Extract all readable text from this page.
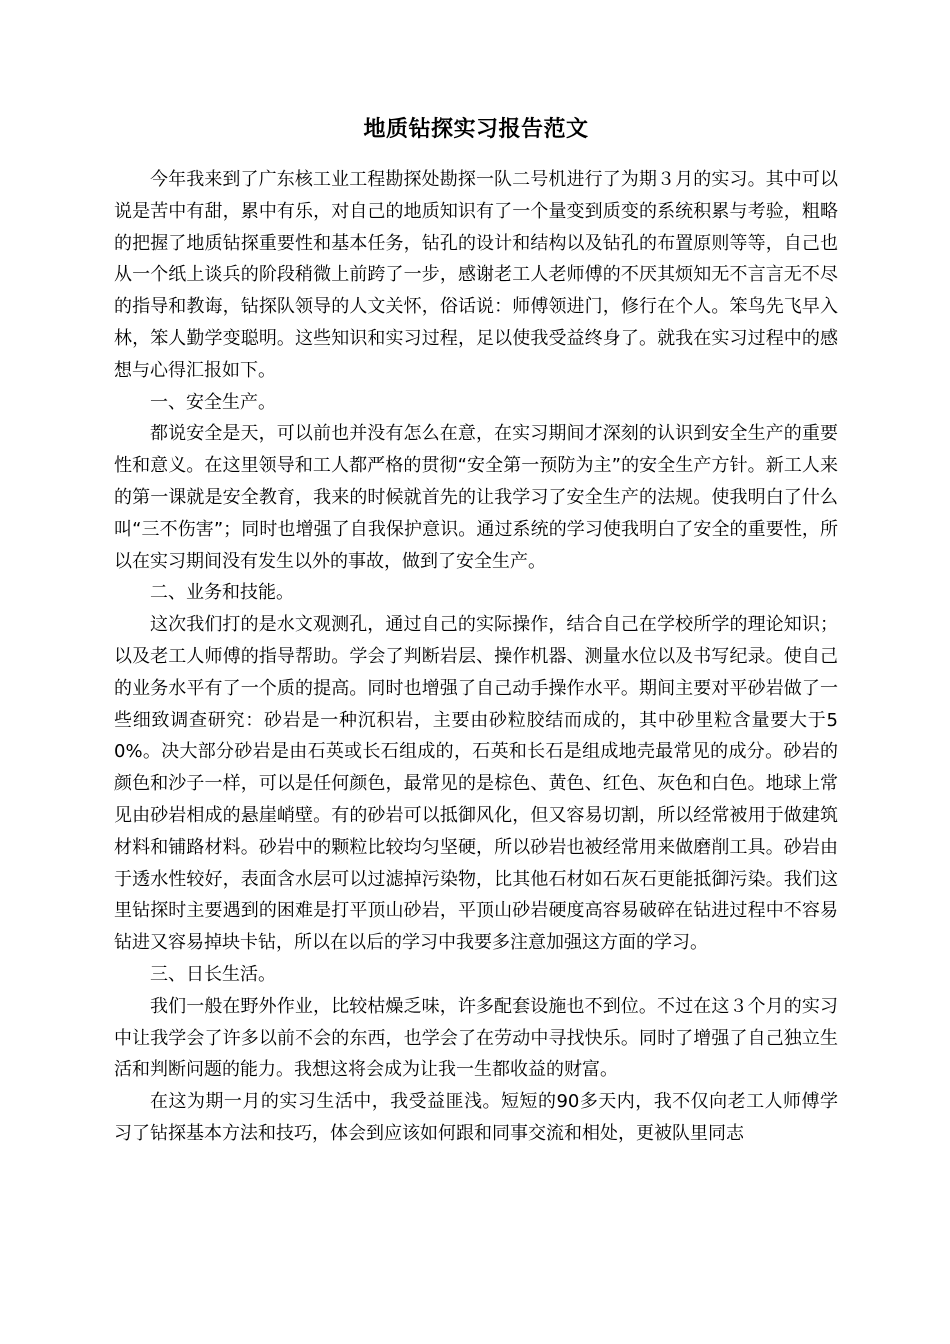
地质钻探实习报告范文

今年我来到了广东核工业工程勘探处勘探一队二号机进行了为期３月的实习。其中可以说是苦中有甜，累中有乐，对自己的地质知识有了一个量变到质变的系统积累与考验，粗略的把握了地质钻探重要性和基本任务，钻孔的设计和结构以及钻孔的布置原则等等，自己也从一个纸上谈兵的阶段稍微上前跨了一步，感谢老工人老师傅的不厌其烦知无不言言无不尽的指导和教诲，钻探队领导的人文关怀，俗话说：师傅领进门，修行在个人。笨鸟先飞早入林，笨人勤学变聪明。这些知识和实习过程，足以使我受益终身了。就我在实习过程中的感想与心得汇报如下。

一、安全生产。

都说安全是天，可以前也并没有怎么在意，在实习期间才深刻的认识到安全生产的重要性和意义。在这里领导和工人都严格的贯彻“安全第一预防为主”的安全生产方针。新工人来的第一课就是安全教育，我来的时候就首先的让我学习了安全生产的法规。使我明白了什么叫“三不伤害”；同时也增强了自我保护意识。通过系统的学习使我明白了安全的重要性，所以在实习期间没有发生以外的事故，做到了安全生产。

二、业务和技能。

这次我们打的是水文观测孔，通过自己的实际操作，结合自己在学校所学的理论知识；以及老工人师傅的指导帮助。学会了判断岩层、操作机器、测量水位以及书写纪录。使自己的业务水平有了一个质的提高。同时也增强了自己动手操作水平。期间主要对平砂岩做了一些细致调查研究：砂岩是一种沉积岩，主要由砂粒胶结而成的，其中砂里粒含量要大于50%。决大部分砂岩是由石英或长石组成的，石英和长石是组成地壳最常见的成分。砂岩的颜色和沙子一样，可以是任何颜色，最常见的是棕色、黄色、红色、灰色和白色。地球上常见由砂岩相成的悬崖峭壁。有的砂岩可以抵御风化，但又容易切割，所以经常被用于做建筑材料和铺路材料。砂岩中的颗粒比较均匀坚硬，所以砂岩也被经常用来做磨削工具。砂岩由于透水性较好，表面含水层可以过滤掉污染物，比其他石材如石灰石更能抵御污染。我们这里钻探时主要遇到的困难是打平顶山砂岩，平顶山砂岩硬度高容易破碎在钻进过程中不容易钻进又容易掉块卡钻，所以在以后的学习中我要多注意加强这方面的学习。

三、日长生活。

我们一般在野外作业，比较枯燥乏味，许多配套设施也不到位。不过在这３个月的实习中让我学会了许多以前不会的东西，也学会了在劳动中寻找快乐。同时了增强了自己独立生活和判断问题的能力。我想这将会成为让我一生都收益的财富。

在这为期一月的实习生活中，我受益匪浅。短短的90多天内，我不仅向老工人师傅学习了钻探基本方法和技巧，体会到应该如何跟和同事交流和相处，更被队里同志
